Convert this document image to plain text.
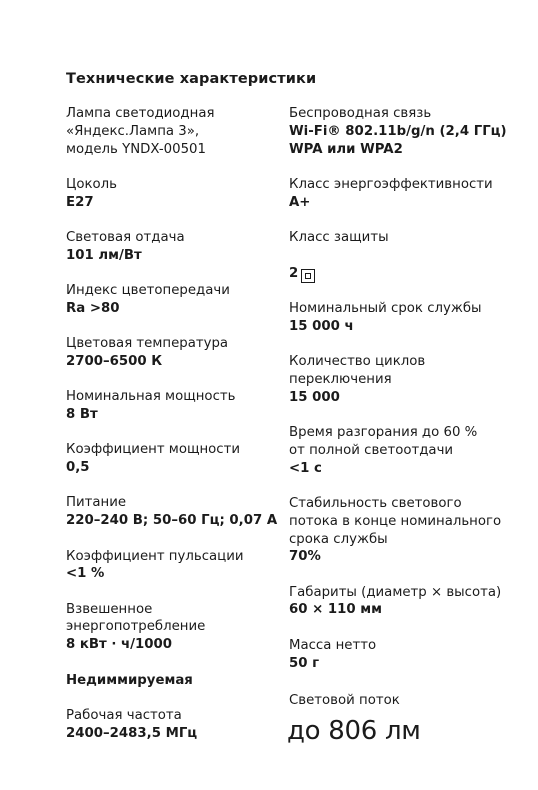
Технические характеристики
Лампа светодиодная
«Яндекс.Лампа 3»,
модель YNDX-00501
Цоколь
E27
Световая отдача
101 лм/Вт
Индекс цветопередачи
Ra >80
Цветовая температура
2700–6500 К
Номинальная мощность
8 Вт
Коэффициент мощности
0,5
Питание
220–240 В; 50–60 Гц; 0,07 А
Коэффициент пульсации
<1 %
Взвешенное
энергопотребление
8 кВт · ч/1000
Недиммируемая
Рабочая частота
2400–2483,5 МГц
Беспроводная связь
Wi-Fi® 802.11b/g/n (2,4 ГГц)
WPA или WPA2
Класс энергоэффективности
A+
Класс защиты

2

Номинальный срок службы
15 000 ч
Количество циклов
переключения
15 000
Время разгорания до 60 %
от полной светоотдачи
<1 с
Стабильность светового
потока в конце номинального
срока службы
70%
Габариты (диаметр × высота)
60 × 110 мм
Масса нетто
50 г
Световой поток
до 806 лм
